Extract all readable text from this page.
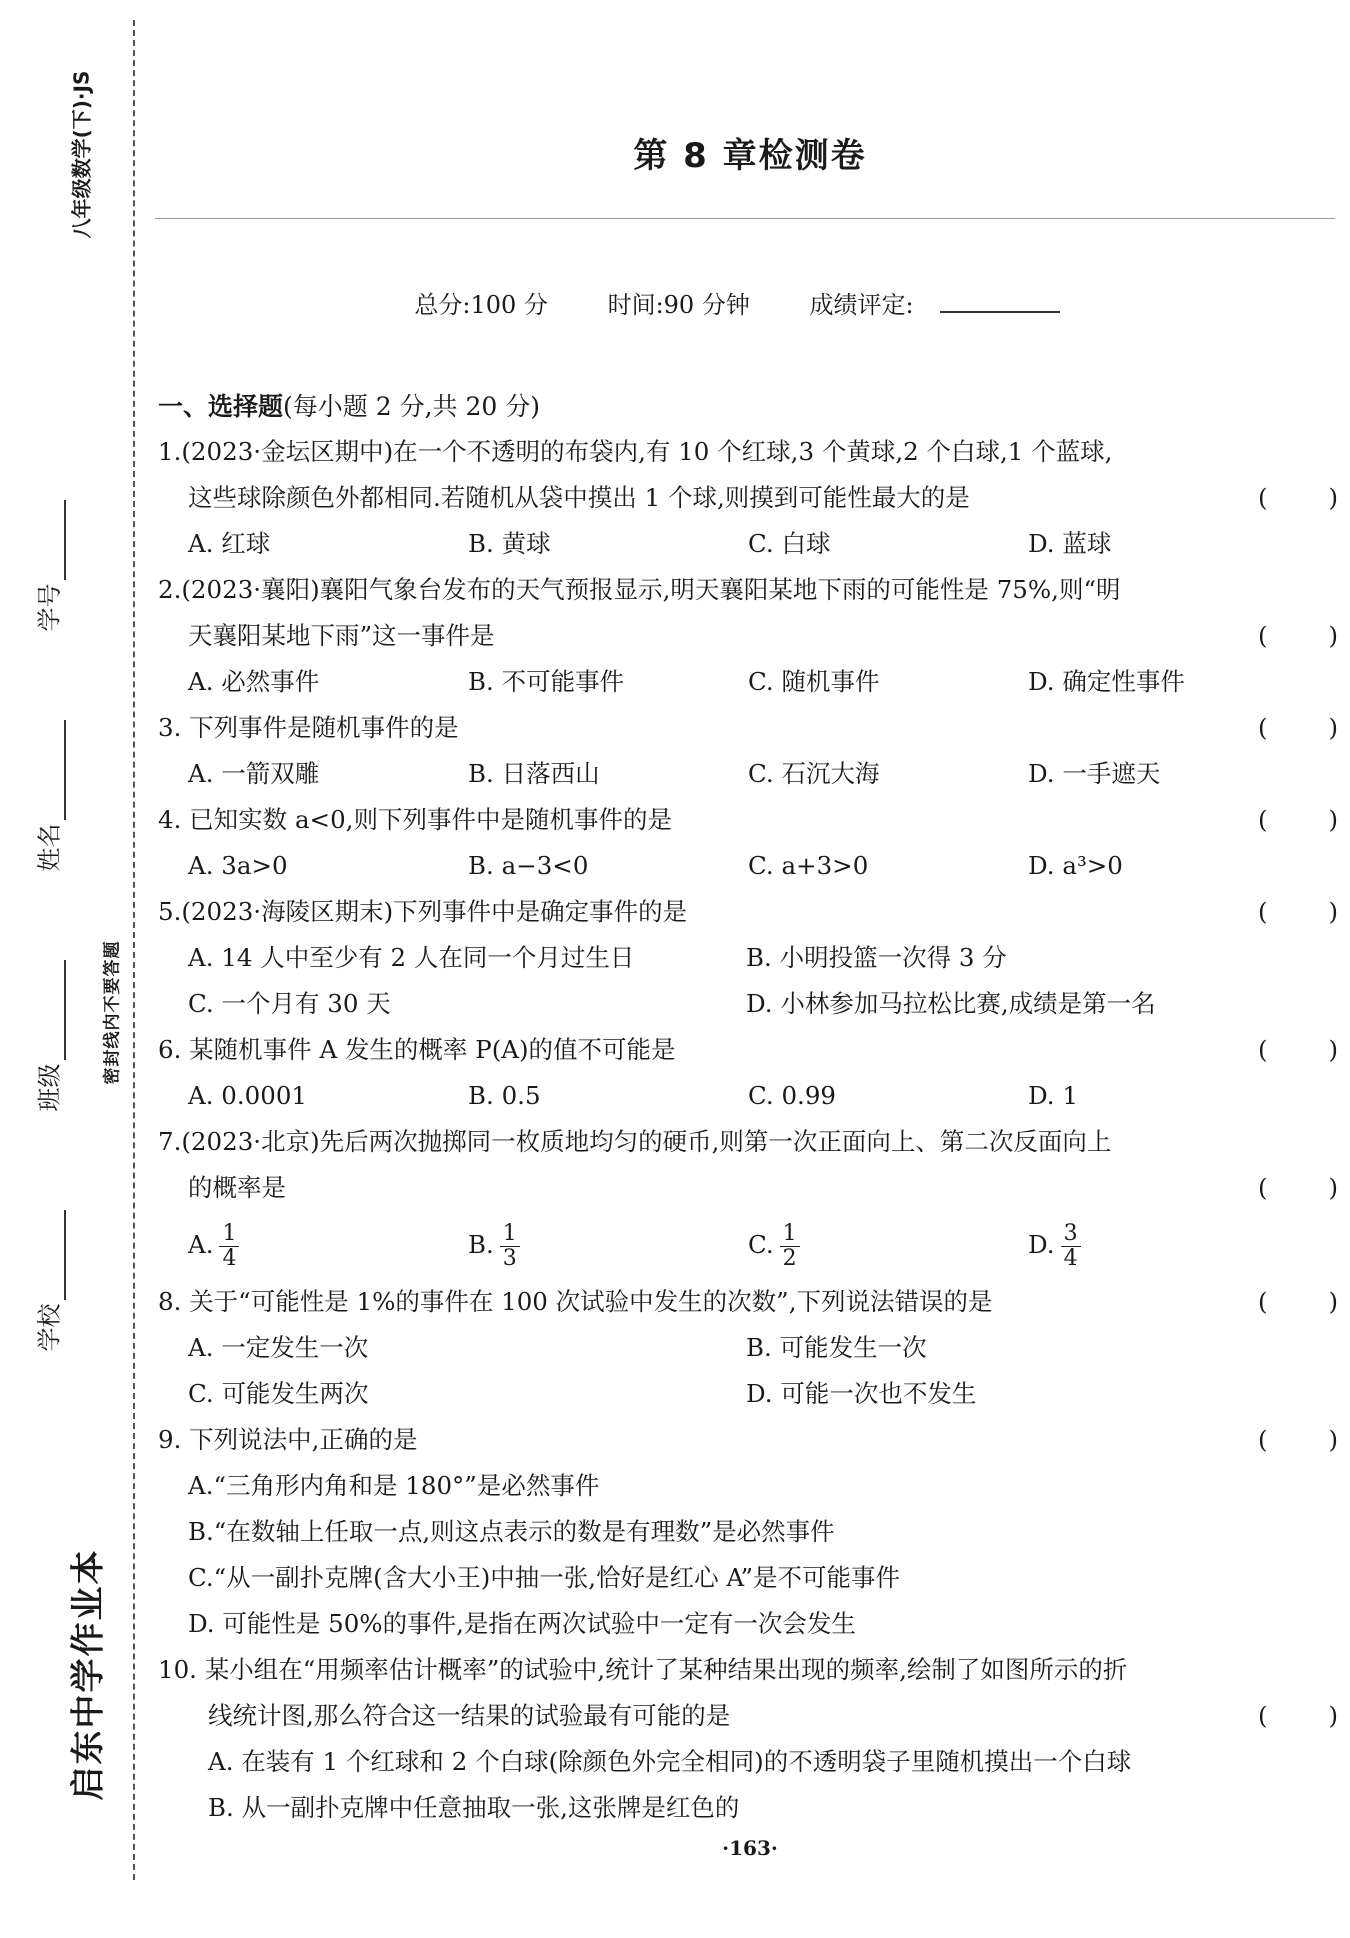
八年级数学(下)·JS
密封线内不要答题
启东中学作业本
学号
姓名
班级
学校
第 8 章检测卷
总分:100 分 时间:90 分钟 成绩评定:
一、选择题(每小题 2 分,共 20 分)
1.(2023·金坛区期中)在一个不透明的布袋内,有 10 个红球,3 个黄球,2 个白球,1 个蓝球,
这些球除颜色外都相同.若随机从袋中摸出 1 个球,则摸到可能性最大的是	( )
A. 红球	B. 黄球	C. 白球	D. 蓝球
2.(2023·襄阳)襄阳气象台发布的天气预报显示,明天襄阳某地下雨的可能性是 75%,则“明
天襄阳某地下雨”这一事件是	( )
A. 必然事件	B. 不可能事件	C. 随机事件	D. 确定性事件
3. 下列事件是随机事件的是	( )
A. 一箭双雕	B. 日落西山	C. 石沉大海	D. 一手遮天
4. 已知实数 a<0,则下列事件中是随机事件的是	( )
A. 3a>0	B. a−3<0	C. a+3>0	D. a³>0
5.(2023·海陵区期末)下列事件中是确定事件的是	( )
A. 14 人中至少有 2 人在同一个月过生日	B. 小明投篮一次得 3 分
C. 一个月有 30 天	D. 小林参加马拉松比赛,成绩是第一名
6. 某随机事件 A 发生的概率 P(A)的值不可能是	( )
A. 0.0001	B. 0.5	C. 0.99	D. 1
7.(2023·北京)先后两次抛掷同一枚质地均匀的硬币,则第一次正面向上、第二次反面向上
的概率是	( )
A. $\frac{1}{4}$	B. $\frac{1}{3}$	C. $\frac{1}{2}$	D. $\frac{3}{4}$
8. 关于“可能性是 1%的事件在 100 次试验中发生的次数”,下列说法错误的是	( )
A. 一定发生一次	B. 可能发生一次
C. 可能发生两次	D. 可能一次也不发生
9. 下列说法中,正确的是	( )
A.“三角形内角和是 180°”是必然事件
B.“在数轴上任取一点,则这点表示的数是有理数”是必然事件
C.“从一副扑克牌(含大小王)中抽一张,恰好是红心 A”是不可能事件
D. 可能性是 50%的事件,是指在两次试验中一定有一次会发生
10. 某小组在“用频率估计概率”的试验中,统计了某种结果出现的频率,绘制了如图所示的折
线统计图,那么符合这一结果的试验最有可能的是	( )
A. 在装有 1 个红球和 2 个白球(除颜色外完全相同)的不透明袋子里随机摸出一个白球
B. 从一副扑克牌中任意抽取一张,这张牌是红色的
·163·
